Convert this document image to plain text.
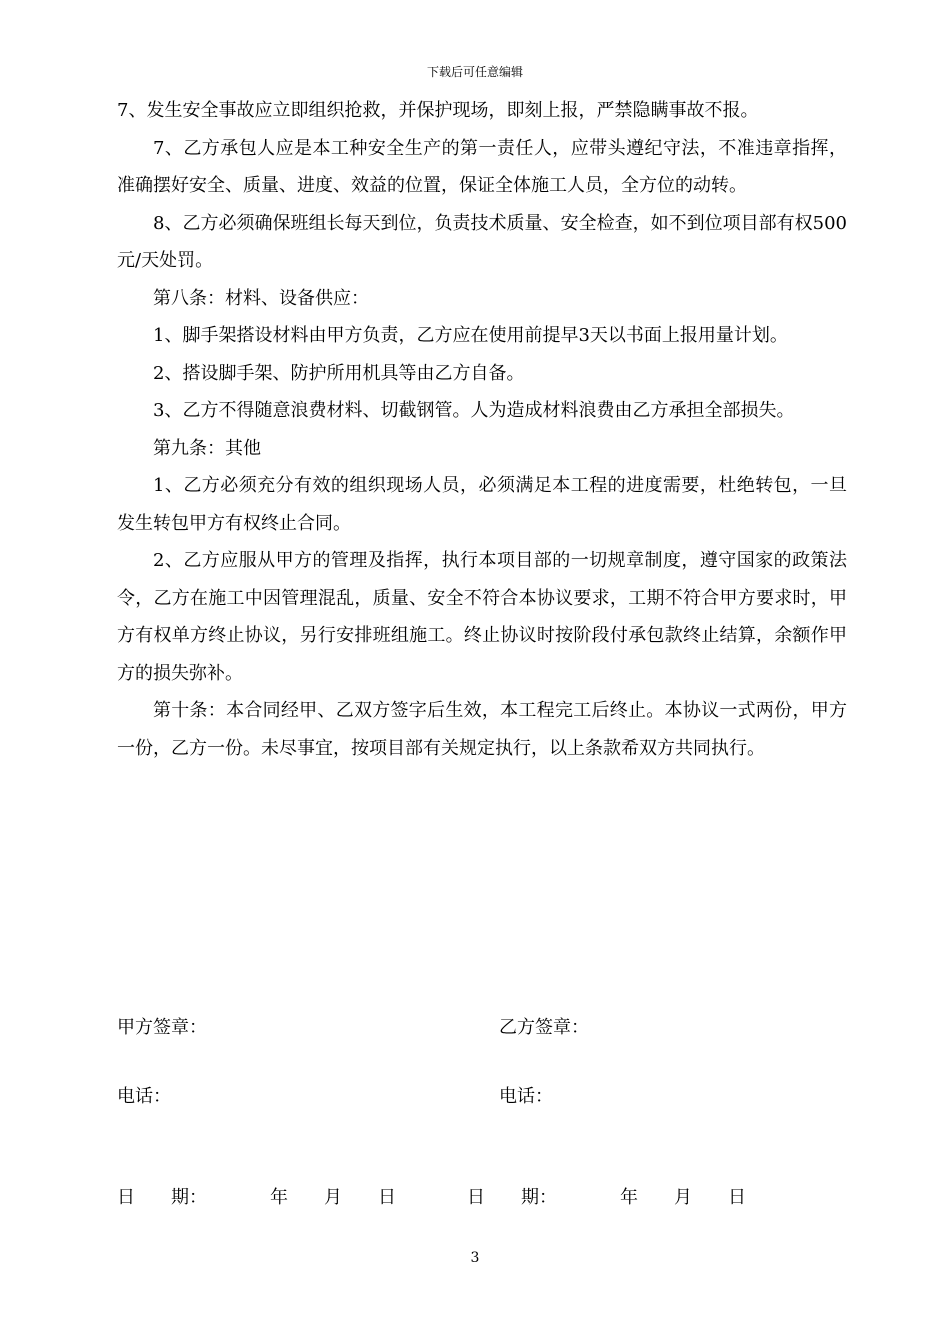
下载后可任意编辑

7、发生安全事故应立即组织抢救，并保护现场，即刻上报，严禁隐瞒事故不报。

7、乙方承包人应是本工种安全生产的第一责任人，应带头遵纪守法，不准违章指挥，准确摆好安全、质量、进度、效益的位置，保证全体施工人员，全方位的动转。

8、乙方必须确保班组长每天到位，负责技术质量、安全检查，如不到位项目部有权500元/天处罚。

第八条：材料、设备供应：

1、脚手架搭设材料由甲方负责，乙方应在使用前提早3天以书面上报用量计划。

2、搭设脚手架、防护所用机具等由乙方自备。

3、乙方不得随意浪费材料、切截钢管。人为造成材料浪费由乙方承担全部损失。

第九条：其他

1、乙方必须充分有效的组织现场人员，必须满足本工程的进度需要，杜绝转包，一旦发生转包甲方有权终止合同。

2、乙方应服从甲方的管理及指挥，执行本项目部的一切规章制度，遵守国家的政策法令，乙方在施工中因管理混乱，质量、安全不符合本协议要求，工期不符合甲方要求时，甲方有权单方终止协议，另行安排班组施工。终止协议时按阶段付承包款终止结算，余额作甲方的损失弥补。

第十条：本合同经甲、乙双方签字后生效，本工程完工后终止。本协议一式两份，甲方一份，乙方一份。未尽事宜，按项目部有关规定执行，以上条款希双方共同执行。

甲方签章：	乙方签章：
电话：	电话：
日　　期：　　　　年　　月　　日	日　　期：　　　　年　　月　　日
3
